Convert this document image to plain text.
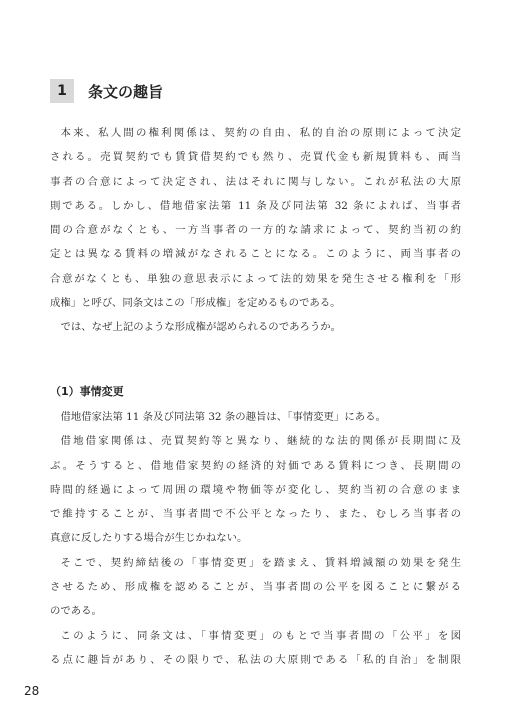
1	条文の趣旨
本来、私人間の権利関係は、契約の自由、私的自治の原則によって決定
される。売買契約でも賃貸借契約でも然り、売買代金も新規賃料も、両当
事者の合意によって決定され、法はそれに関与しない。これが私法の大原
則である。しかし、借地借家法第 11 条及び同法第 32 条によれば、当事者
間の合意がなくとも、一方当事者の一方的な請求によって、契約当初の約
定とは異なる賃料の増減がなされることになる。このように、両当事者の
合意がなくとも、単独の意思表示によって法的効果を発生させる権利を「形
成権」と呼び、同条文はこの「形成権」を定めるものである。
では、なぜ上記のような形成権が認められるのであろうか。
（1）事情変更
借地借家法第 11 条及び同法第 32 条の趣旨は、「事情変更」にある。
借地借家関係は、売買契約等と異なり、継続的な法的関係が長期間に及
ぶ。そうすると、借地借家契約の経済的対価である賃料につき、長期間の
時間的経過によって周囲の環境や物価等が変化し、契約当初の合意のまま
で維持することが、当事者間で不公平となったり、また、むしろ当事者の
真意に反したりする場合が生じかねない。
そこで、契約締結後の「事情変更」を踏まえ、賃料増減額の効果を発生
させるため、形成権を認めることが、当事者間の公平を図ることに繋がる
のである。
このように、同条文は、「事情変更」のもとで当事者間の「公平」を図
る点に趣旨があり、その限りで、私法の大原則である「私的自治」を制限
28
